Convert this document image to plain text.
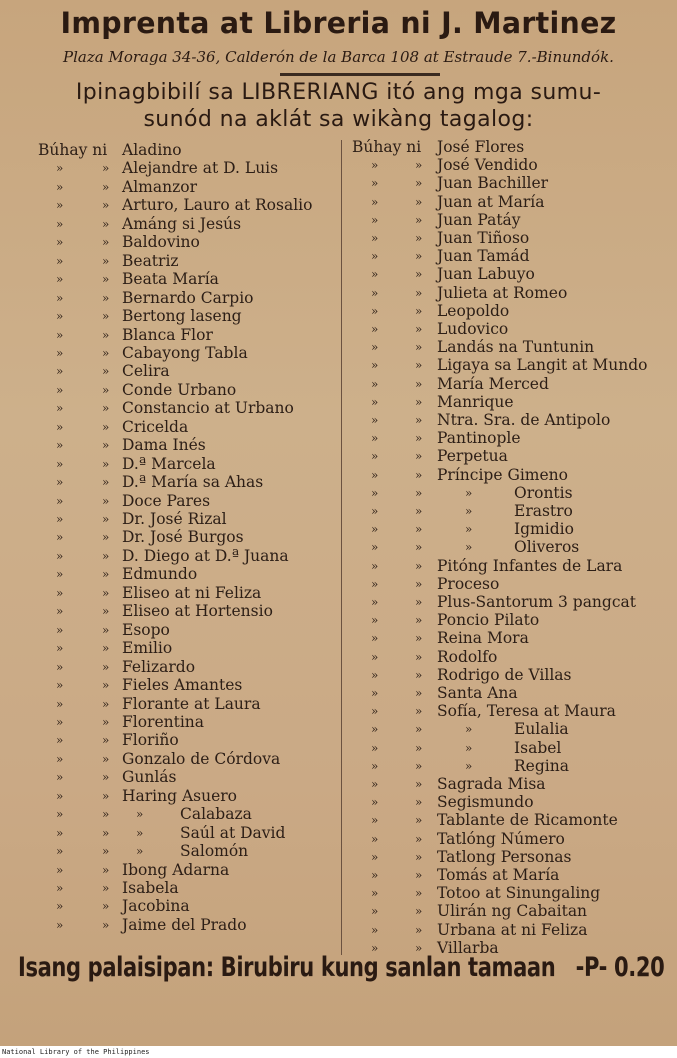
Imprenta at Libreria ni J. Martinez
Plaza Moraga 34-36, Calderón de la Barca 108 at Estraude 7.-Binundók.
Ipinagbibilí sa LIBRERIANG itó ang mga sumu-
sunód na aklát sa wikàng tagalog:
Búhay ni Aladino
»	» Alejandre at D. Luis
»	» Almanzor
»	» Arturo, Lauro at Rosalio
»	» Amáng si Jesús
»	» Baldovino
»	» Beatriz
»	» Beata María
»	» Bernardo Carpio
»	» Bertong laseng
»	» Blanca Flor
»	» Cabayong Tabla
»	» Celira
»	» Conde Urbano
»	» Constancio at Urbano
»	» Cricelda
»	» Dama Inés
»	» D.ª Marcela
»	» D.ª María sa Ahas
»	» Doce Pares
»	» Dr. José Rizal
»	» Dr. José Burgos
»	» D. Diego at D.ª Juana
»	» Edmundo
»	» Eliseo at ni Feliza
»	» Eliseo at Hortensio
»	» Esopo
»	» Emilio
»	» Felizardo
»	» Fieles Amantes
»	» Florante at Laura
»	» Florentina
»	» Floriño
»	» Gonzalo de Córdova
»	» Gunlás
»	» Haring Asuero
»	» » Calabaza
»	» » Saúl at David
»	» » Salomón
»	» Ibong Adarna
»	» Isabela
»	» Jacobina
»	» Jaime del Prado
Búhay ni José Flores
»	» José Vendido
»	» Juan Bachiller
»	» Juan at María
»	» Juan Patáy
»	» Juan Tiñoso
»	» Juan Tamád
»	» Juan Labuyo
»	» Julieta at Romeo
»	» Leopoldo
»	» Ludovico
»	» Landás na Tuntunin
»	» Ligaya sa Langit at Mundo
»	» María Merced
»	» Manrique
»	» Ntra. Sra. de Antipolo
»	» Pantinople
»	» Perpetua
»	» Príncipe Gimeno
»	»	»	Orontis
»	»	»	Erastro
»	»	»	Igmidio
»	»	»	Oliveros
»	» Pitóng Infantes de Lara
»	» Proceso
»	» Plus-Santorum 3 pangcat
»	» Poncio Pilato
»	» Reina Mora
»	» Rodolfo
»	» Rodrigo de Villas
»	» Santa Ana
»	» Sofía, Teresa at Maura
»	»	»	Eulalia
»	»	»	Isabel
»	»	»	Regina
»	» Sagrada Misa
»	» Segismundo
»	» Tablante de Ricamonte
»	» Tatlóng Número
»	» Tatlong Personas
»	» Tomás at María
»	» Totoo at Sinungaling
»	» Ulirán ng Cabaitan
»	» Urbana at ni Feliza
»	» Villarba
Isang palaisipan: Birubiru kung sanlan tamaan -P- 0.20
National Library of the Philippines
